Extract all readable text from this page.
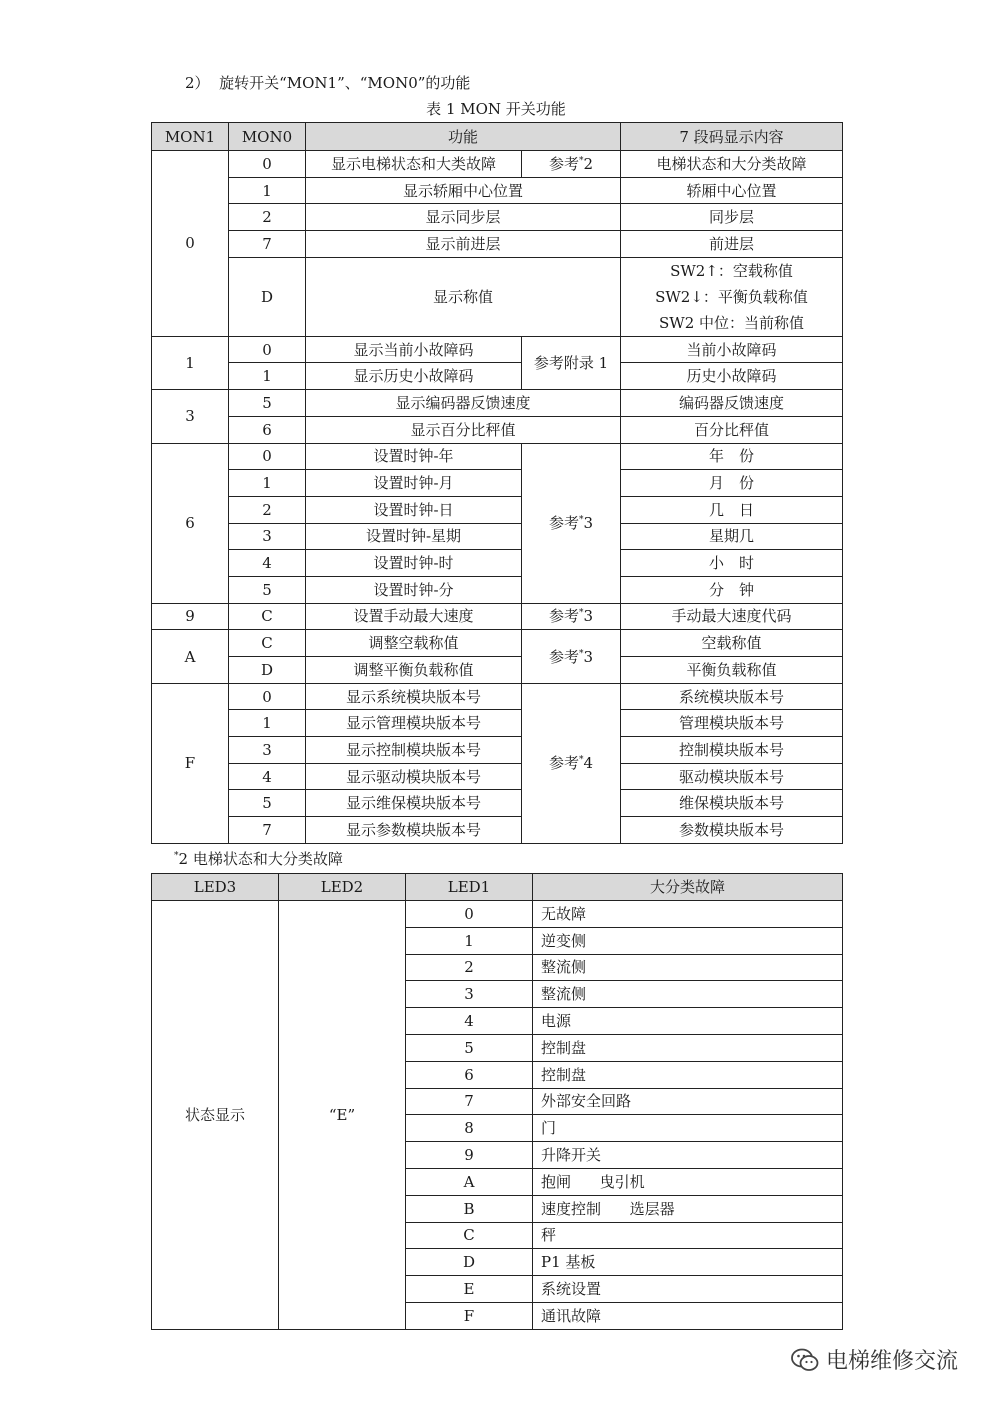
2）  旋转开关“MON1”、“MON0”的功能
表 1 MON 开关功能
MON1	MON0	功能		7 段码显示内容
0	0	显示电梯状态和大类故障	参考*2	电梯状态和大分类故障
	1	显示轿厢中心位置		轿厢中心位置
	2	显示同步层		同步层
	7	显示前进层		前进层
	D	显示称值		SW2↑：空载称值
SW2↓：平衡负载称值
SW2 中位：当前称值

1	0	显示当前小故障码	参考附录 1	当前小故障码
	1	显示历史小故障码		历史小故障码
3	5	显示编码器反馈速度		编码器反馈速度
	6	显示百分比秤值		百分比秤值
6	0	设置时钟-年	参考*3	年　份
	1	设置时钟-月		月　份
	2	设置时钟-日		几　日
	3	设置时钟-星期		星期几
	4	设置时钟-时		小　时
	5	设置时钟-分		分　钟
9	C	设置手动最大速度	参考*3	手动最大速度代码
A	C	调整空载称值	参考*3	空载称值
	D	调整平衡负载称值		平衡负载称值
F	0	显示系统模块版本号	参考*4	系统模块版本号
	1	显示管理模块版本号		管理模块版本号
	3	显示控制模块版本号		控制模块版本号
	4	显示驱动模块版本号		驱动模块版本号
	5	显示维保模块版本号		维保模块版本号
	7	显示参数模块版本号		参数模块版本号
*2 电梯状态和大分类故障
LED3	LED2	LED1	大分类故障
状态显示	“E”	0	无故障
		1	逆变侧
		2	整流侧
		3	整流侧
		4	电源
		5	控制盘
		6	控制盘
		7	外部安全回路
		8	门
		9	升降开关
		A	抱闸      曳引机
		B	速度控制      选层器
		C	秤
		D	P1 基板
		E	系统设置
		F	通讯故障
电梯维修交流
